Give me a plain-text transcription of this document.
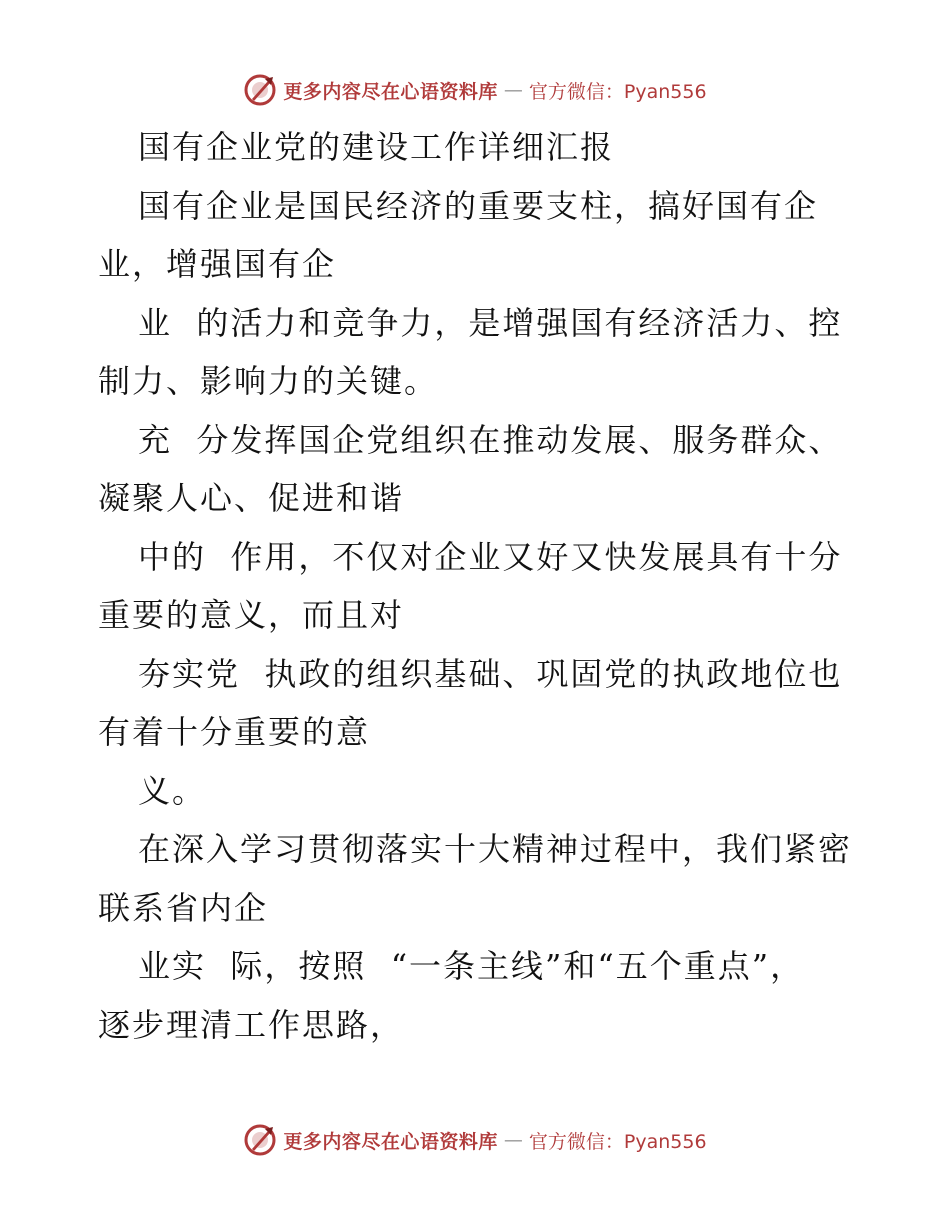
更多内容尽在心语资料库 — 官方微信：Pyan556
国有企业党的建设工作详细汇报
国有企业是国民经济的重要支柱，搞好国有企
业，增强国有企
业  的活力和竞争力，是增强国有经济活力、控
制力、影响力的关键。
充  分发挥国企党组织在推动发展、服务群众、
凝聚人心、促进和谐
中的  作用，不仅对企业又好又快发展具有十分
重要的意义，而且对
夯实党  执政的组织基础、巩固党的执政地位也
有着十分重要的意
义。
在深入学习贯彻落实十大精神过程中，我们紧密
联系省内企
业实  际，按照  “一条主线”和“五个重点”，
逐步理清工作思路，
更多内容尽在心语资料库 — 官方微信：Pyan556
